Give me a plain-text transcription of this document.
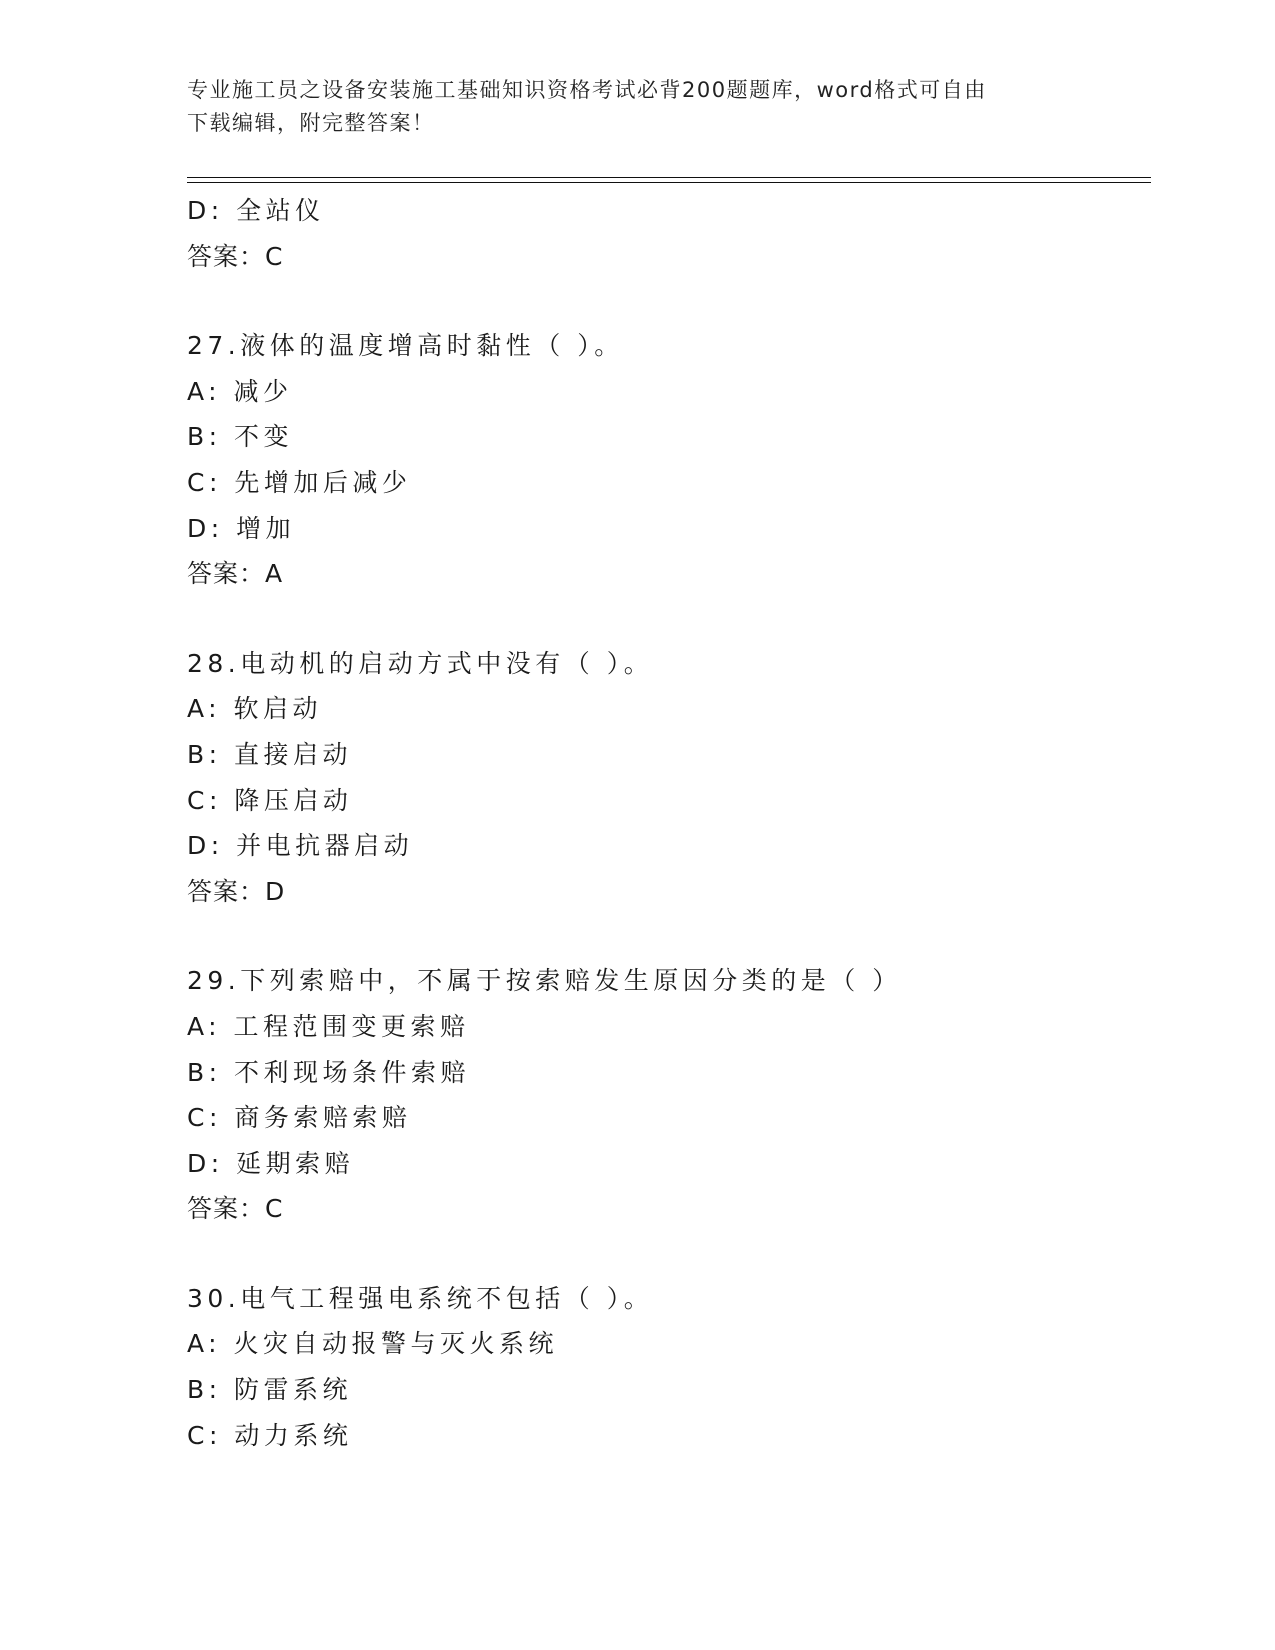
专业施工员之设备安装施工基础知识资格考试必背200题题库，word格式可自由
下载编辑，附完整答案！
D: 全站仪
答案：C
27.液体的温度增高时黏性（ ）。
A: 减少
B: 不变
C: 先增加后减少
D: 增加
答案：A
28.电动机的启动方式中没有（ ）。
A: 软启动
B: 直接启动
C: 降压启动
D: 并电抗器启动
答案：D
29.下列索赔中，不属于按索赔发生原因分类的是（ ）
A: 工程范围变更索赔
B: 不利现场条件索赔
C: 商务索赔索赔
D: 延期索赔
答案：C
30.电气工程强电系统不包括（ ）。
A: 火灾自动报警与灭火系统
B: 防雷系统
C: 动力系统
